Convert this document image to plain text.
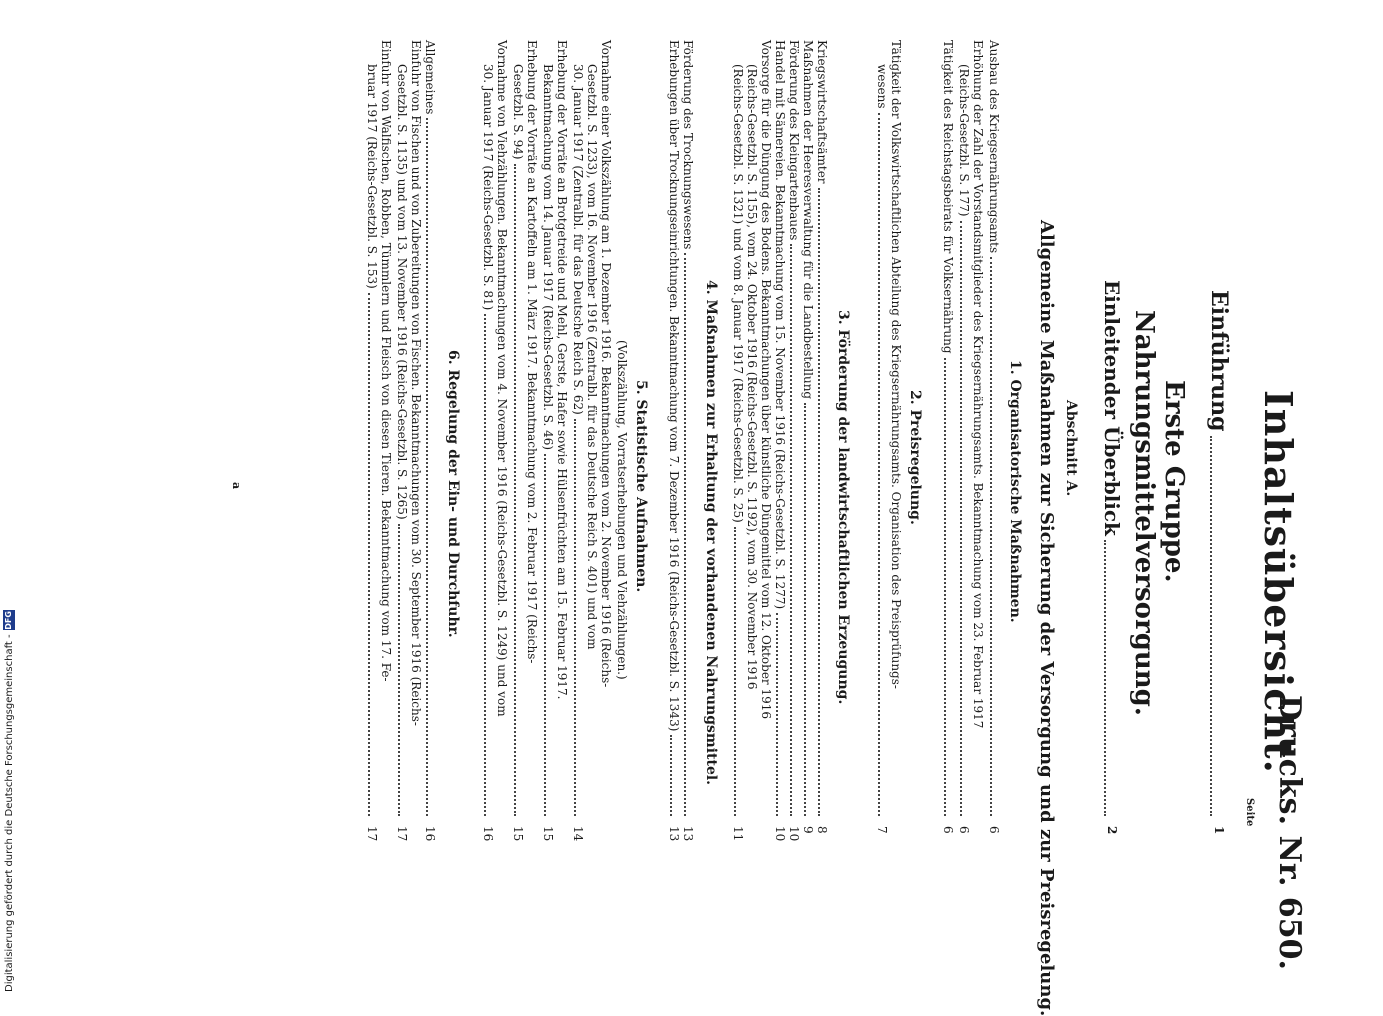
Drucks. Nr. 650.
Inhaltsübersicht.
Seite
Einführung
1
Erste Gruppe.
Nahrungsmittelversorgung.
Einleitender Überblick
2
Abschnitt A.
Allgemeine Maßnahmen zur Sicherung der Versorgung und zur Preisregelung.
1. Organisatorische Maßnahmen.
Ausbau des Kriegsernährungsamts
6
Erhöhung der Zahl der Vorstandsmitglieder des Kriegsernährungsamts. Bekanntmachung vom 23. Februar 1917
(Reichs-Gesetzbl. S. 177)
6
Tätigkeit des Reichstagsbeirats für Volksernährung
6
2. Preisregelung.
Tätigkeit der Volkswirtschaftlichen Abteilung des Kriegsernährungsamts. Organisation des Preisprüfungs-
wesens
7
3. Förderung der landwirtschaftlichen Erzeugung.
Kriegswirtschaftsämter
8
Maßnahmen der Heeresverwaltung für die Landbestellung
9
Förderung des Kleingartenbaues
10
Handel mit Sämereien. Bekanntmachung vom 15. November 1916 (Reichs-Gesetzbl. S. 1277)
10
Vorsorge für die Düngung des Bodens. Bekanntmachungen über künstliche Düngemittel vom 12. Oktober 1916
(Reichs-Gesetzbl. S. 1155), vom 24. Oktober 1916 (Reichs-Gesetzbl. S. 1192), vom 30. November 1916
(Reichs-Gesetzbl. S. 1321) und vom 8. Januar 1917 (Reichs-Gesetzbl. S. 25)
11
4. Maßnahmen zur Erhaltung der vorhandenen Nahrungsmittel.
Förderung des Trocknungswesens
13
Erhebungen über Trocknungseinrichtungen. Bekanntmachung vom 7. Dezember 1916 (Reichs-Gesetzbl. S. 1343)
13
5. Statistische Aufnahmen.
(Volkszählung, Vorratserhebungen und Viehzählungen.)
Vornahme einer Volkszählung am 1. Dezember 1916. Bekanntmachungen vom 2. November 1916 (Reichs-
Gesetzbl. S. 1233), vom 16. November 1916 (Zentralbl. für das Deutsche Reich S. 401) und vom
30. Januar 1917 (Zentralbl. für das Deutsche Reich S. 62)
14
Erhebung der Vorräte an Brotgetreide und Mehl, Gerste, Hafer sowie Hülsenfrüchten am 15. Februar 1917.
Bekanntmachung vom 14. Januar 1917 (Reichs-Gesetzbl. S. 46)
15
Erhebung der Vorräte an Kartoffeln am 1. März 1917. Bekanntmachung vom 2. Februar 1917 (Reichs-
Gesetzbl. S. 94)
15
Vornahme von Viehzählungen. Bekanntmachungen vom 4. November 1916 (Reichs-Gesetzbl. S. 1249) und vom
30. Januar 1917 (Reichs-Gesetzbl. S. 81)
16
6. Regelung der Ein- und Durchfuhr.
Allgemeines
16
Einfuhr von Fischen und von Zubereitungen von Fischen. Bekanntmachungen vom 30. September 1916 (Reichs-
Gesetzbl. S. 1135) und vom 13. November 1916 (Reichs-Gesetzbl. S. 1265)
17
Einfuhr von Walfischen, Robben, Tümmlern und Fleisch von diesen Tieren. Bekanntmachung vom 17. Fe-
bruar 1917 (Reichs-Gesetzbl. S. 153)
17
a
Digitalisierung gefördert durch die Deutsche Forschungsgemeinschaft -
DFG
